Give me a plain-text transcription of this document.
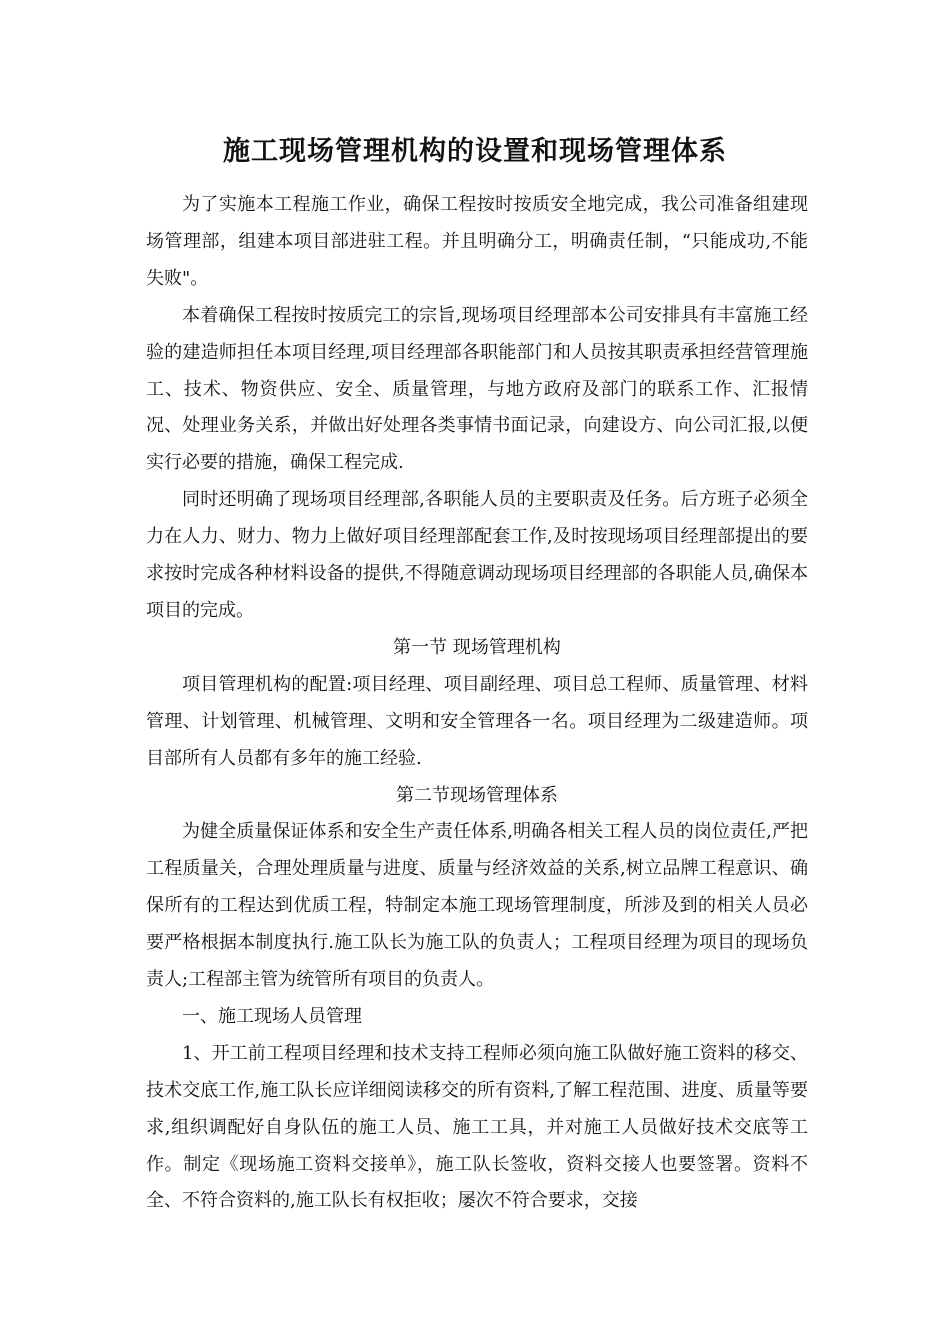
施工现场管理机构的设置和现场管理体系

为了实施本工程施工作业，确保工程按时按质安全地完成，我公司准备组建现场管理部，组建本项目部进驻工程。并且明确分工，明确责任制，“只能成功,不能失败"。

本着确保工程按时按质完工的宗旨,现场项目经理部本公司安排具有丰富施工经验的建造师担任本项目经理,项目经理部各职能部门和人员按其职责承担经营管理施工、技术、物资供应、安全、质量管理，与地方政府及部门的联系工作、汇报情况、处理业务关系，并做出好处理各类事情书面记录，向建设方、向公司汇报,以便实行必要的措施，确保工程完成.

同时还明确了现场项目经理部,各职能人员的主要职责及任务。后方班子必须全力在人力、财力、物力上做好项目经理部配套工作,及时按现场项目经理部提出的要求按时完成各种材料设备的提供,不得随意调动现场项目经理部的各职能人员,确保本项目的完成。

第一节 现场管理机构

项目管理机构的配置:项目经理、项目副经理、项目总工程师、质量管理、材料管理、计划管理、机械管理、文明和安全管理各一名。项目经理为二级建造师。项目部所有人员都有多年的施工经验.

第二节现场管理体系

为健全质量保证体系和安全生产责任体系,明确各相关工程人员的岗位责任,严把工程质量关，合理处理质量与进度、质量与经济效益的关系,树立品牌工程意识、确保所有的工程达到优质工程，特制定本施工现场管理制度，所涉及到的相关人员必要严格根据本制度执行.施工队长为施工队的负责人；工程项目经理为项目的现场负责人;工程部主管为统管所有项目的负责人。

一、施工现场人员管理

1、开工前工程项目经理和技术支持工程师必须向施工队做好施工资料的移交、技术交底工作,施工队长应详细阅读移交的所有资料,了解工程范围、进度、质量等要求,组织调配好自身队伍的施工人员、施工工具，并对施工人员做好技术交底等工作。制定《现场施工资料交接单》，施工队长签收，资料交接人也要签署。资料不全、不符合资料的,施工队长有权拒收；屡次不符合要求，交接
